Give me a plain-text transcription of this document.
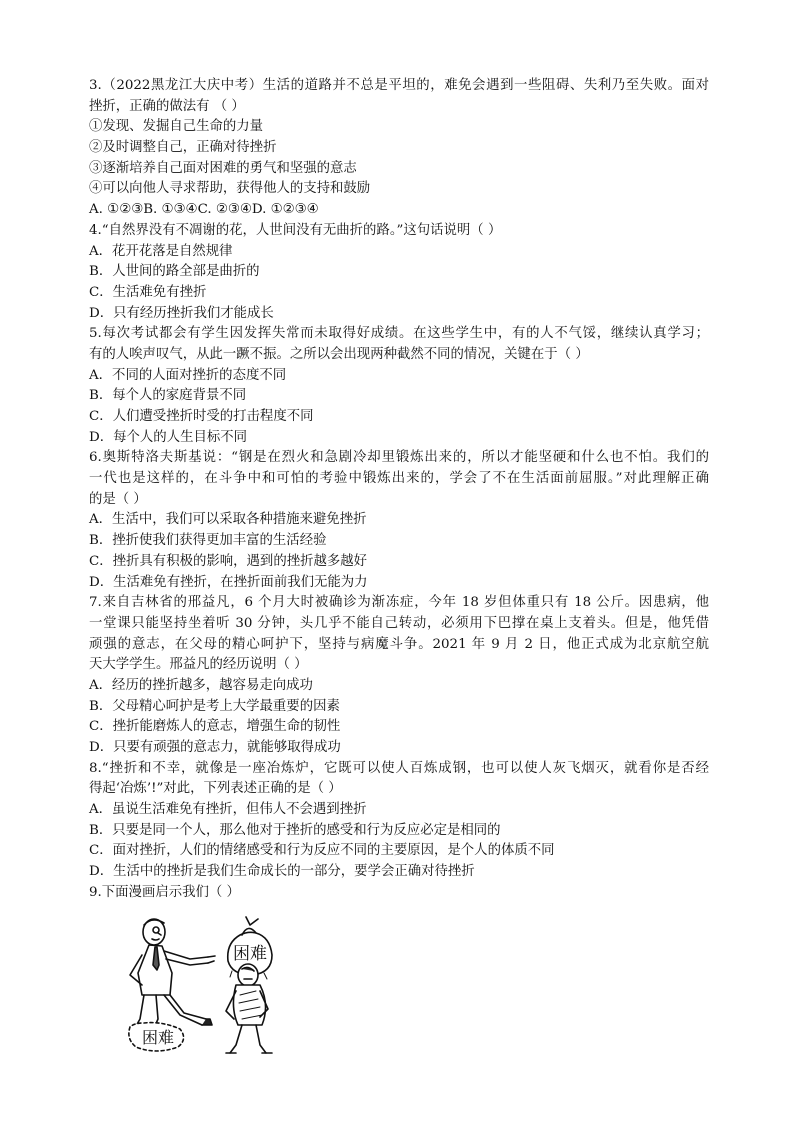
3.（2022黑龙江大庆中考）生活的道路并不总是平坦的，难免会遇到一些阻碍、失利乃至失败。面对
挫折，正确的做法有 （ ）
①发现、发掘自己生命的力量
②及时调整自己，正确对待挫折
③逐渐培养自己面对困难的勇气和坚强的意志
④可以向他人寻求帮助，获得他人的支持和鼓励
A. ①②③B. ①③④C. ②③④D. ①②③④
4.“自然界没有不凋谢的花，人世间没有无曲折的路。”这句话说明（ ）
A．花开花落是自然规律
B．人世间的路全部是曲折的
C．生活难免有挫折
D．只有经历挫折我们才能成长
5.每次考试都会有学生因发挥失常而未取得好成绩。在这些学生中，有的人不气馁，继续认真学习；
有的人唉声叹气，从此一蹶不振。之所以会出现两种截然不同的情况，关键在于（ ）
A．不同的人面对挫折的态度不同
B．每个人的家庭背景不同
C．人们遭受挫折时受的打击程度不同
D．每个人的人生目标不同
6.奥斯特洛夫斯基说：“钢是在烈火和急剧冷却里锻炼出来的，所以才能坚硬和什么也不怕。我们的
一代也是这样的，在斗争中和可怕的考验中锻炼出来的，学会了不在生活面前屈服。”对此理解正确
的是（ ）
A．生活中，我们可以采取各种措施来避免挫折
B．挫折使我们获得更加丰富的生活经验
C．挫折具有积极的影响，遇到的挫折越多越好
D．生活难免有挫折，在挫折面前我们无能为力
7.来自吉林省的邢益凡，6 个月大时被确诊为渐冻症，今年 18 岁但体重只有 18 公斤。因患病，他
一堂课只能坚持坐着听 30 分钟，头几乎不能自己转动，必须用下巴撑在桌上支着头。但是，他凭借
顽强的意志，在父母的精心呵护下，坚持与病魔斗争。2021 年 9 月 2 日，他正式成为北京航空航
天大学学生。邢益凡的经历说明（ ）
A．经历的挫折越多，越容易走向成功
B．父母精心呵护是考上大学最重要的因素
C．挫折能磨炼人的意志，增强生命的韧性
D．只要有顽强的意志力，就能够取得成功
8.“挫折和不幸，就像是一座冶炼炉，它既可以使人百炼成钢，也可以使人灰飞烟灭，就看你是否经
得起‘冶炼’!”对此，下列表述正确的是（ ）
A．虽说生活难免有挫折，但伟人不会遇到挫折
B．只要是同一个人，那么他对于挫折的感受和行为反应必定是相同的
C．面对挫折，人们的情绪感受和行为反应不同的主要原因，是个人的体质不同
D．生活中的挫折是我们生命成长的一部分，要学会正确对待挫折
9.下面漫画启示我们（ ）
困难
困难
